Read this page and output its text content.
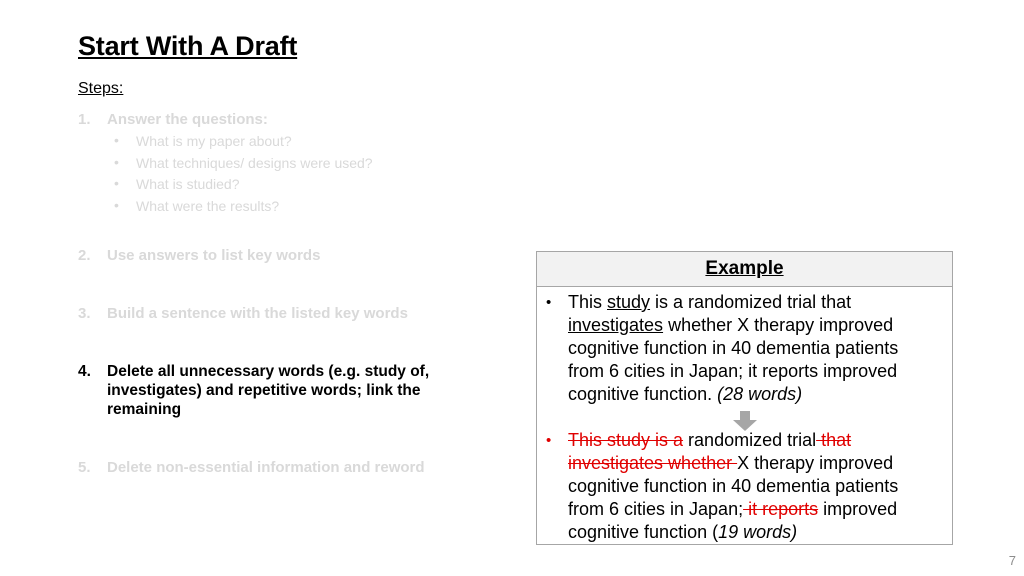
Start With A Draft
Steps:
1. Answer the questions:
• What is my paper about?
• What techniques/ designs were used?
• What is studied?
• What were the results?
2. Use answers to list key words
3. Build a sentence with the listed key words
4. Delete all unnecessary words (e.g. study of, investigates) and repetitive words; link the remaining
5. Delete non-essential information and reword
Example
• This study is a randomized trial that investigates whether X therapy improved cognitive function in 40 dementia patients from 6 cities in Japan; it reports improved cognitive function. (28 words)
• This study is a randomized trial that investigates whether X therapy improved cognitive function in 40 dementia patients from 6 cities in Japan; it reports improved cognitive function (19 words)
7
